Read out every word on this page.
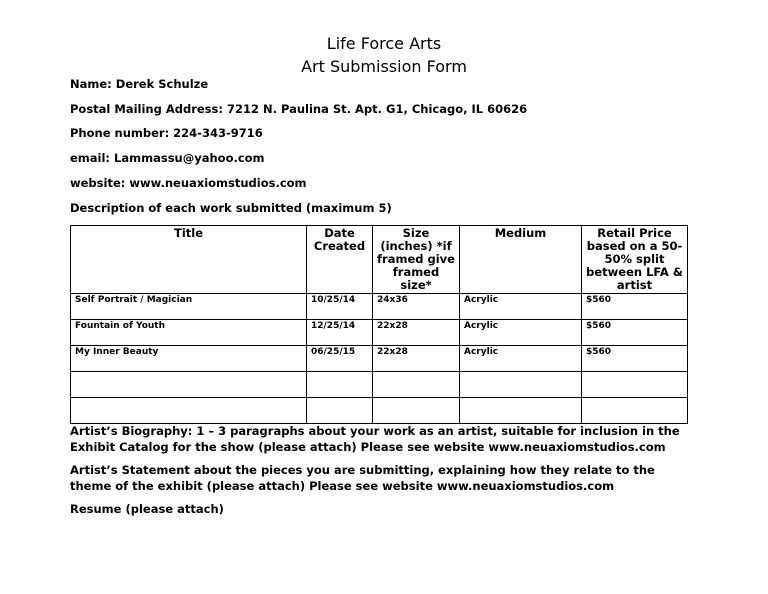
Life Force Arts
Art Submission Form
Name: Derek Schulze
Postal Mailing Address: 7212 N. Paulina St. Apt. G1, Chicago, IL 60626
Phone number: 224-343-9716
email: Lammassu@yahoo.com
website: www.neuaxiomstudios.com
Description of each work submitted (maximum 5)
Title	Date Created	Size (inches) *if framed give framed size*	Medium	Retail Price based on a 50-50% split between LFA & artist
Self Portrait / Magician	10/25/14	24x36	Acrylic	$560
Fountain of Youth	12/25/14	22x28	Acrylic	$560
My Inner Beauty	06/25/15	22x28	Acrylic	$560

Artist’s Biography: 1 – 3 paragraphs about your work as an artist, suitable for inclusion in the Exhibit Catalog for the show (please attach) Please see website www.neuaxiomstudios.com
Artist’s Statement about the pieces you are submitting, explaining how they relate to the theme of the exhibit (please attach) Please see website www.neuaxiomstudios.com
Resume (please attach)
